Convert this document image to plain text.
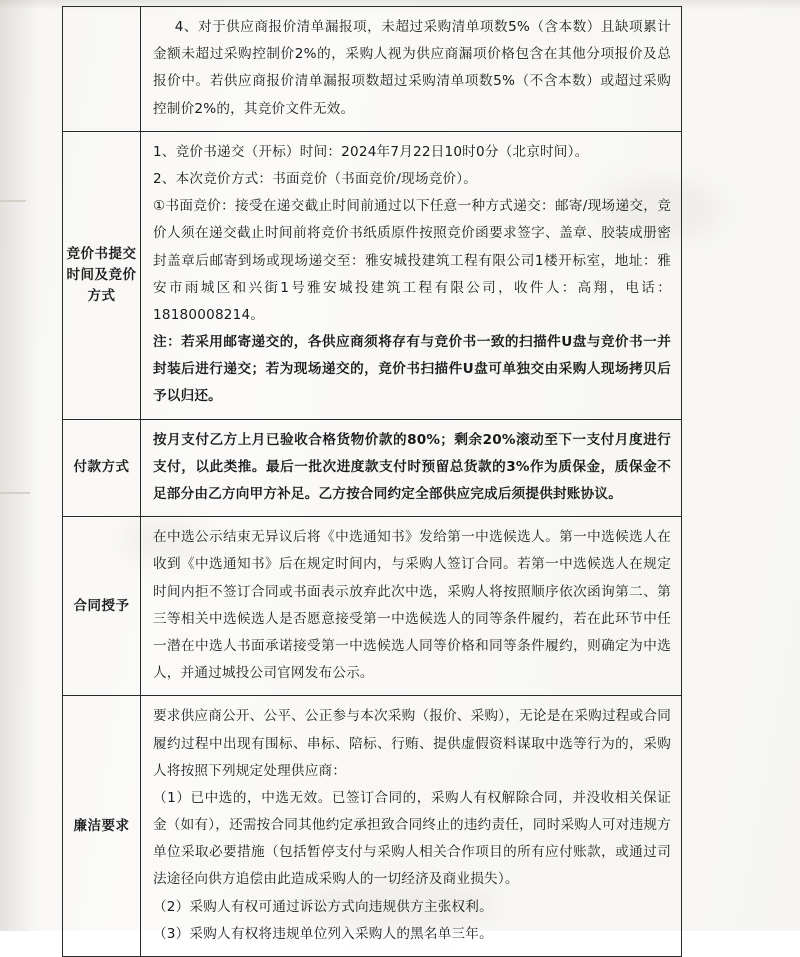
4、对于供应商报价清单漏报项，未超过采购清单项数5%（含本数）且缺项累计金额未超过采购控制价2%的，采购人视为供应商漏项价格包含在其他分项报价及总报价中。若供应商报价清单漏报项数超过采购清单项数5%（不含本数）或超过采购控制价2%的，其竞价文件无效。

竞价书提交时间及竞价方式

1、竞价书递交（开标）时间：2024年7月22日10时0分（北京时间）。

2、本次竞价方式：书面竞价（书面竞价/现场竞价）。

①书面竞价：接受在递交截止时间前通过以下任意一种方式递交：邮寄/现场递交，竞价人须在递交截止时间前将竞价书纸质原件按照竞价函要求签字、盖章、胶装成册密封盖章后邮寄到场或现场递交至：雅安城投建筑工程有限公司1楼开标室，地址：雅安市雨城区和兴街1号雅安城投建筑工程有限公司，收件人：高翔，电话：18180008214。

注：若采用邮寄递交的，各供应商须将存有与竞价书一致的扫描件U盘与竞价书一并封装后进行递交；若为现场递交的，竞价书扫描件U盘可单独交由采购人现场拷贝后予以归还。

付款方式

按月支付乙方上月已验收合格货物价款的80%；剩余20%滚动至下一支付月度进行支付，以此类推。最后一批次进度款支付时预留总货款的3%作为质保金，质保金不足部分由乙方向甲方补足。乙方按合同约定全部供应完成后须提供封账协议。

合同授予

在中选公示结束无异议后将《中选通知书》发给第一中选候选人。第一中选候选人在收到《中选通知书》后在规定时间内，与采购人签订合同。若第一中选候选人在规定时间内拒不签订合同或书面表示放弃此次中选，采购人将按照顺序依次函询第二、第三等相关中选候选人是否愿意接受第一中选候选人的同等条件履约，若在此环节中任一潜在中选人书面承诺接受第一中选候选人同等价格和同等条件履约，则确定为中选人，并通过城投公司官网发布公示。

廉洁要求

要求供应商公开、公平、公正参与本次采购（报价、采购），无论是在采购过程或合同履约过程中出现有围标、串标、陪标、行贿、提供虚假资料谋取中选等行为的，采购人将按照下列规定处理供应商：

（1）已中选的，中选无效。已签订合同的，采购人有权解除合同，并没收相关保证金（如有），还需按合同其他约定承担致合同终止的违约责任，同时采购人可对违规方单位采取必要措施（包括暂停支付与采购人相关合作项目的所有应付账款，或通过司法途径向供方追偿由此造成采购人的一切经济及商业损失）。

（2）采购人有权可通过诉讼方式向违规供方主张权利。

（3）采购人有权将违规单位列入采购人的黑名单三年。
